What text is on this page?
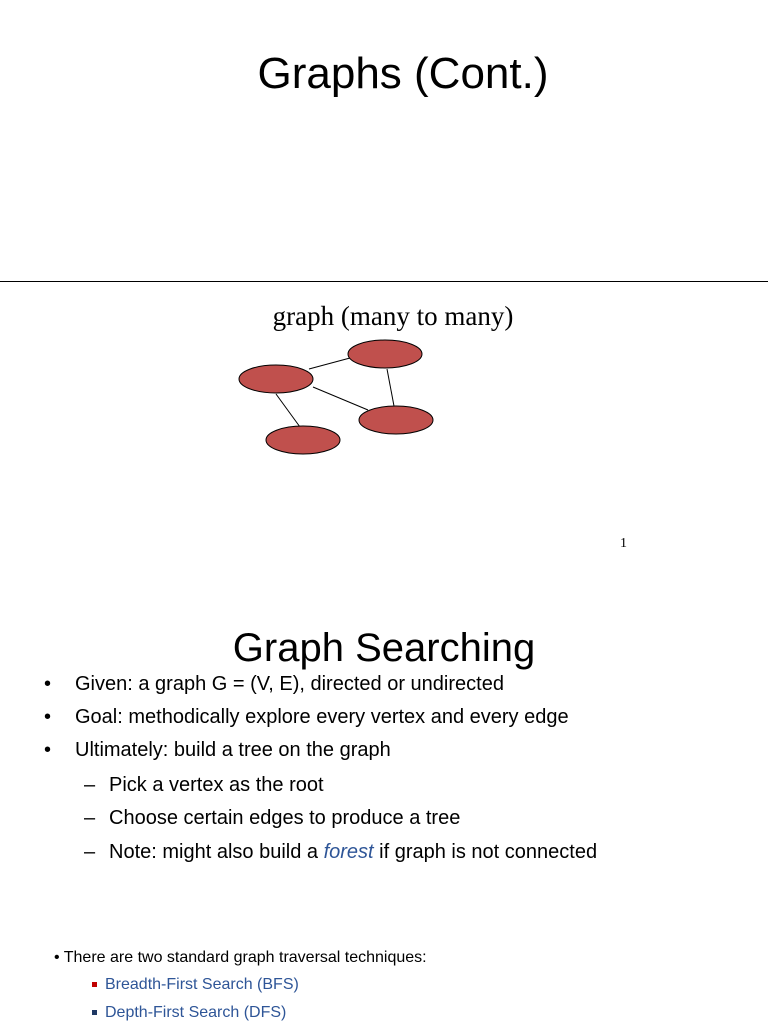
Graphs (Cont.)
graph (many to many)
1
Graph Searching
• Given: a graph G = (V, E), directed or undirected
• Goal: methodically explore every vertex and every edge
• Ultimately: build a tree on the graph
– Pick a vertex as the root
– Choose certain edges to produce a tree
– Note: might also build a forest if graph is not connected
• There are two standard graph traversal techniques:
Breadth-First Search (BFS)
Depth-First Search (DFS)
